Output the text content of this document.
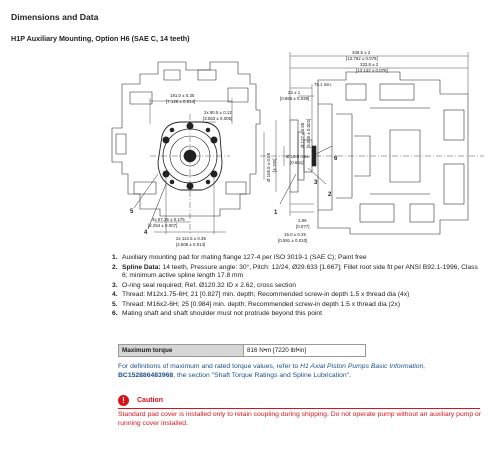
Dimensions and Data
H1P Auxiliary Mounting, Option H6 (SAE C, 14 teeth)
181.0 ± 0.35
[7.126 ± 0.014]
2x 90.5 ± 0.12
[3.563 ± 0.005]
4x 57.25 ± 0.175
[2.254 ± 0.007]
2x 114.5 ± 0.35
[4.508 ± 0.014]
5
4
349.5 ± 2
[13.762 ± 0.079]
333.8 ± 2
[13.142 ± 0.079]
75.1 min.
22 ± 1
[0.866 ± 0.039]
Ø 127 ± 0.05 [5.000 ± 0.002]
Ø 16.8 max.
[0.661]
Ø 106.5 ± 0.05 [4.192]
1.96
[0.077]
15.0 ± 0.25
[0.591 ± 0.010]
6
2
1
3
1. Auxiliary mounting pad for mating flange 127-4 per ISO 3019-1 (SAE C); Paint free
2. Spline Data: 14 teeth, Pressure angle: 30°, Pitch: 12/24, Ø29.633 [1.667]; Fillet root side fit per ANSI B92.1-1996, Class 6; minimum active spline length 17.8 mm
3. O-ring seal required; Ref. Ø120.32 ID x 2.62, cross section
4. Thread: M12x1.75-6H; 21 [0.827] min. depth; Recommended screw-in depth 1.5 x thread dia (4x)
5. Thread: M16x2-6H; 25 [0.984] min. depth; Recommended screw-in depth 1.5 x thread dia (2x)
6. Mating shaft and shaft shoulder must not protrude beyond this point
Maximum torque	816 N•m [7220 lbf•in]
For definitions of maximum and rated torque values, refer to H1 Axial Piston Pumps Basic Information, BC152886483968, the section "Shaft Torque Ratings and Spline Lubrication".
!	Caution
Standard pad cover is installed only to retain coupling during shipping. Do not operate pump without an auxiliary pump or running cover installed.
